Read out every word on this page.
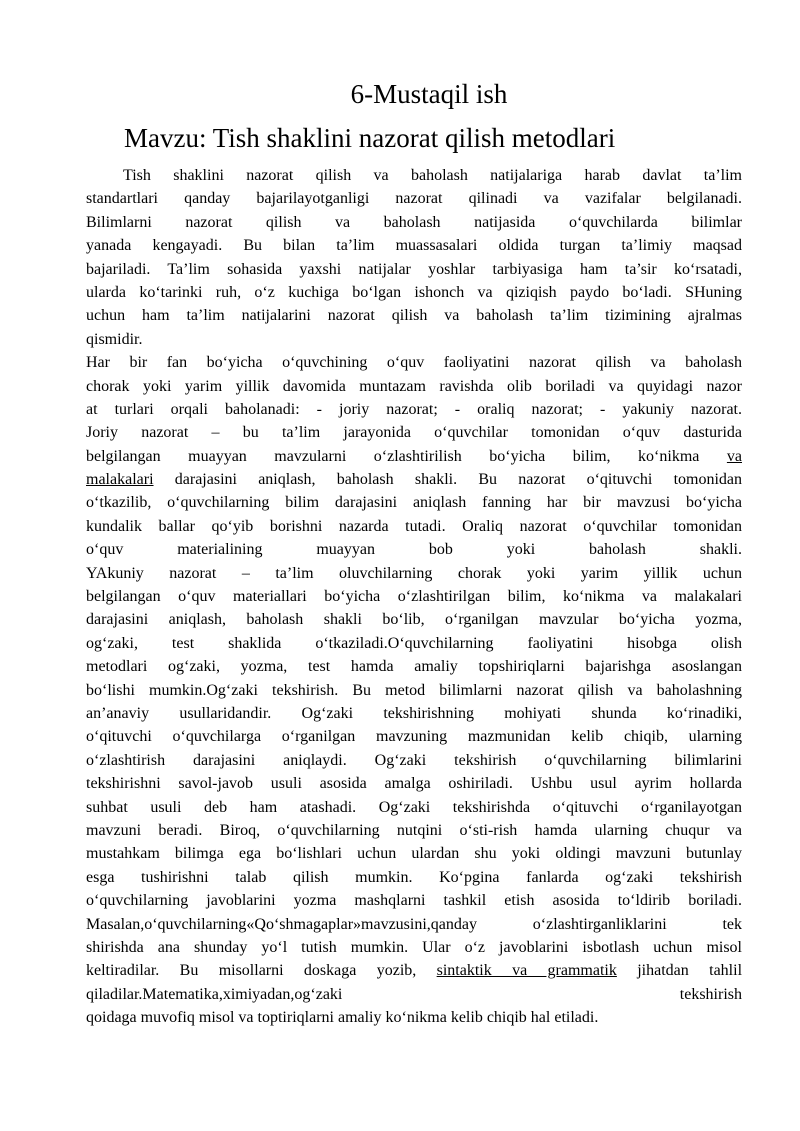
6-Mustaqil ish
Mavzu: Tish shaklini nazorat qilish metodlari
Tish shaklini nazorat qilish va baholash natijalariga harab davlat ta’lim
standartlari qanday bajarilayotganligi nazorat qilinadi va vazifalar belgilanadi.
Bilimlarni nazorat qilish va baholash natijasida o‘quvchilarda bilimlar
yanada kengayadi. Bu bilan ta’lim muassasalari oldida turgan ta’limiy maqsad
bajariladi. Ta’lim sohasida yaxshi natijalar yoshlar tarbiyasiga ham ta’sir ko‘rsatadi,
ularda ko‘tarinki ruh, o‘z kuchiga bo‘lgan ishonch va qiziqish paydo bo‘ladi. SHuning
uchun ham ta’lim natijalarini nazorat qilish va baholash ta’lim tizimining ajralmas
qismidir.
Har bir fan bo‘yicha o‘quvchining o‘quv faoliyatini nazorat qilish va baholash
chorak yoki yarim yillik davomida muntazam ravishda olib boriladi va quyidagi nazor
at turlari orqali baholanadi: - joriy nazorat; - oraliq nazorat; - yakuniy nazorat.
Joriy nazorat – bu ta’lim jarayonida o‘quvchilar tomonidan o‘quv dasturida
belgilangan muayyan mavzularni o‘zlashtirilish bo‘yicha bilim, ko‘nikma va
malakalari darajasini aniqlash, baholash shakli. Bu nazorat o‘qituvchi tomonidan
o‘tkazilib, o‘quvchilarning bilim darajasini aniqlash fanning har bir mavzusi bo‘yicha
kundalik ballar qo‘yib borishni nazarda tutadi. Oraliq nazorat o‘quvchilar tomonidan
o‘quv materialining muayyan bob yoki baholash shakli.
YAkuniy nazorat – ta’lim oluvchilarning chorak yoki yarim yillik uchun
belgilangan o‘quv materiallari bo‘yicha o‘zlashtirilgan bilim, ko‘nikma va malakalari
darajasini aniqlash, baholash shakli bo‘lib, o‘rganilgan mavzular bo‘yicha yozma,
og‘zaki, test shaklida o‘tkaziladi.O‘quvchilarning faoliyatini hisobga olish
metodlari og‘zaki, yozma, test hamda amaliy topshiriqlarni bajarishga asoslangan
bo‘lishi mumkin.Og‘zaki tekshirish. Bu metod bilimlarni nazorat qilish va baholashning
an’anaviy usullaridandir. Og‘zaki tekshirishning mohiyati shunda ko‘rinadiki,
o‘qituvchi o‘quvchilarga o‘rganilgan mavzuning mazmunidan kelib chiqib, ularning
o‘zlashtirish darajasini aniqlaydi. Og‘zaki tekshirish o‘quvchilarning bilimlarini
tekshirishni savol-javob usuli asosida amalga oshiriladi. Ushbu usul ayrim hollarda
suhbat usuli deb ham atashadi. Og‘zaki tekshirishda o‘qituvchi o‘rganilayotgan
mavzuni beradi. Biroq, o‘quvchilarning nutqini o‘sti-rish hamda ularning chuqur va
mustahkam bilimga ega bo‘lishlari uchun ulardan shu yoki oldingi mavzuni butunlay
esga tushirishni talab qilish mumkin. Ko‘pgina fanlarda og‘zaki tekshirish
o‘quvchilarning javoblarini yozma mashqlarni tashkil etish asosida to‘ldirib boriladi.
Masalan,o‘quvchilarning«Qo‘shmagaplar»mavzusini,qanday o‘zlashtirganliklarini tek
shirishda ana shunday yo‘l tutish mumkin. Ular o‘z javoblarini isbotlash uchun misol
keltiradilar. Bu misollarni doskaga yozib, sintaktik va grammatik jihatdan tahlil
qiladilar.Matematika,ximiyadan,og‘zaki tekshirish
qoidaga muvofiq misol va toptiriqlarni amaliy ko‘nikma kelib chiqib hal etiladi.
